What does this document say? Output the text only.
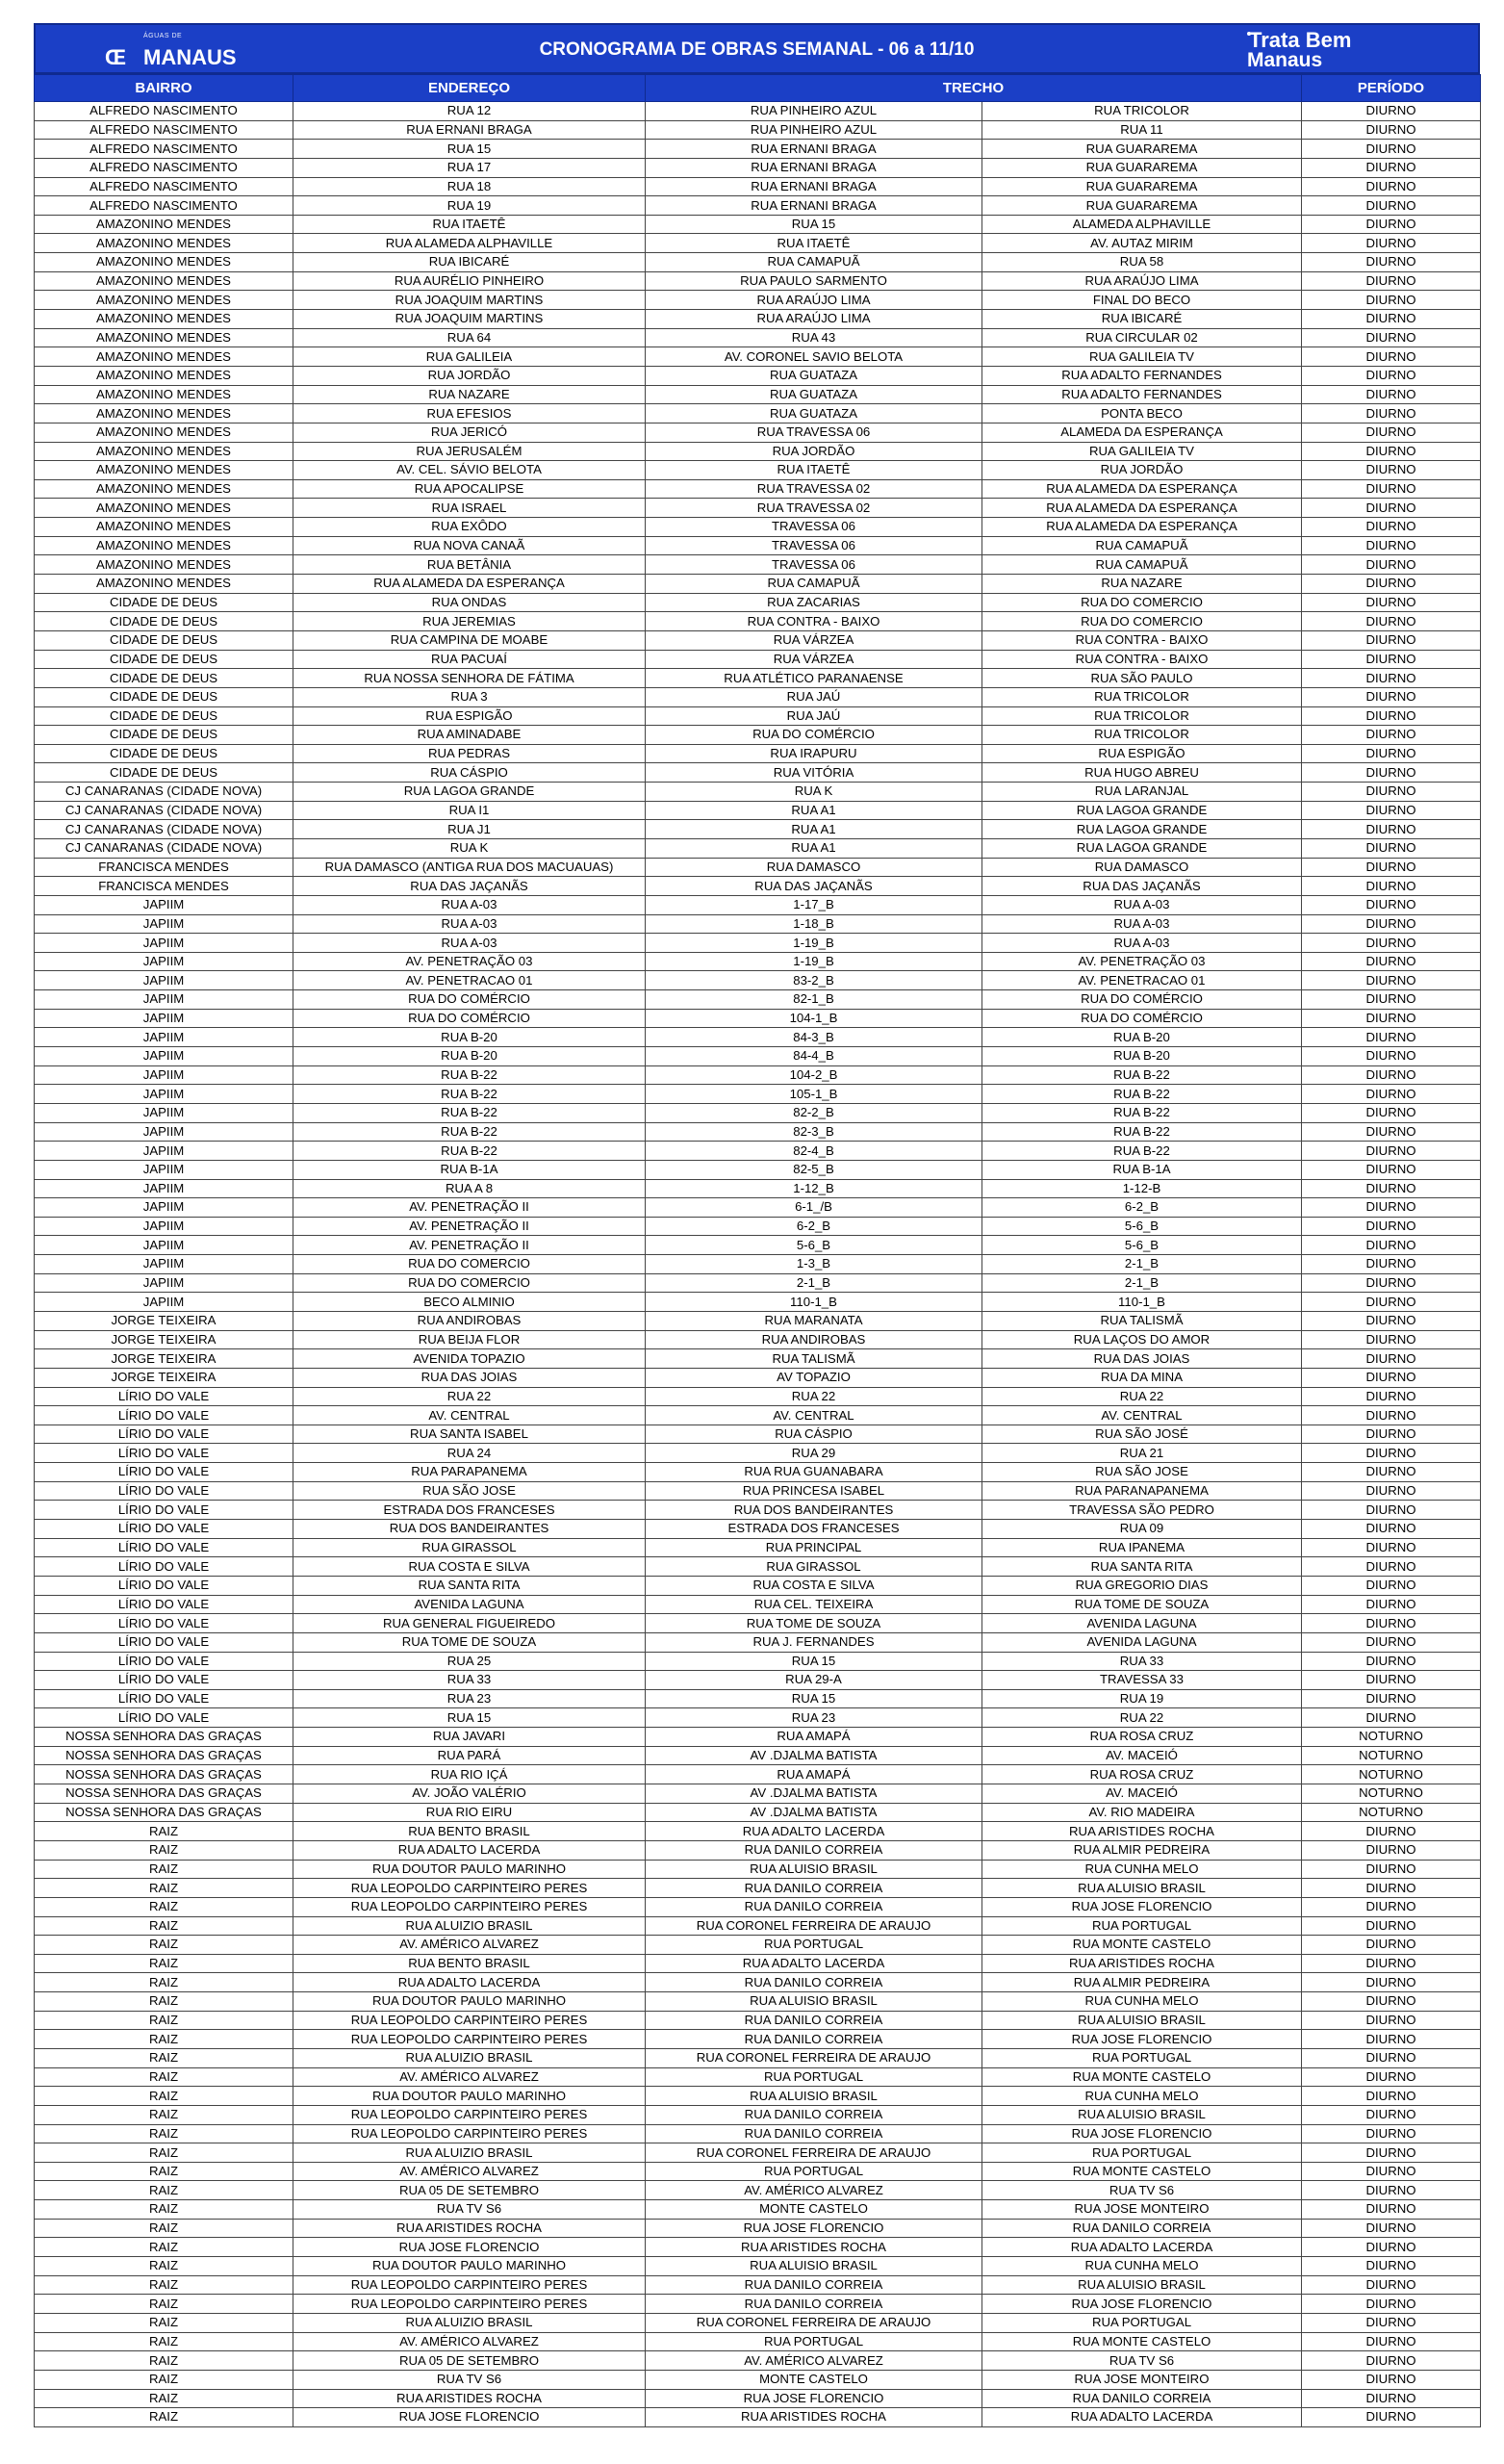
ÁGUAS DE
Œ MANAUS	CRONOGRAMA DE OBRAS SEMANAL - 06 a 11/10	Trata Bem
Manaus
BAIRRO	ENDEREÇO	TRECHO		PERÍODO
ALFREDO NASCIMENTO	RUA 12	RUA PINHEIRO AZUL	RUA TRICOLOR	DIURNO
ALFREDO NASCIMENTO	RUA ERNANI BRAGA	RUA PINHEIRO AZUL	RUA 11	DIURNO
ALFREDO NASCIMENTO	RUA 15	RUA ERNANI BRAGA	RUA GUARAREMA	DIURNO
ALFREDO NASCIMENTO	RUA 17	RUA ERNANI BRAGA	RUA GUARAREMA	DIURNO
ALFREDO NASCIMENTO	RUA 18	RUA ERNANI BRAGA	RUA GUARAREMA	DIURNO
ALFREDO NASCIMENTO	RUA 19	RUA ERNANI BRAGA	RUA GUARAREMA	DIURNO
AMAZONINO MENDES	RUA ITAETÊ	RUA 15	ALAMEDA ALPHAVILLE	DIURNO
AMAZONINO MENDES	RUA ALAMEDA ALPHAVILLE	RUA ITAETÊ	AV. AUTAZ MIRIM	DIURNO
AMAZONINO MENDES	RUA IBICARÉ	RUA CAMAPUÃ	RUA 58	DIURNO
AMAZONINO MENDES	RUA AURÉLIO PINHEIRO	RUA PAULO SARMENTO	RUA ARAÚJO LIMA	DIURNO
AMAZONINO MENDES	RUA JOAQUIM MARTINS	RUA ARAÚJO LIMA	FINAL DO BECO	DIURNO
AMAZONINO MENDES	RUA JOAQUIM MARTINS	RUA ARAÚJO LIMA	RUA IBICARÉ	DIURNO
AMAZONINO MENDES	RUA 64	RUA 43	RUA CIRCULAR 02	DIURNO
AMAZONINO MENDES	RUA GALILEIA	AV. CORONEL SAVIO BELOTA	RUA GALILEIA TV	DIURNO
AMAZONINO MENDES	RUA JORDÃO	RUA GUATAZA	RUA ADALTO FERNANDES	DIURNO
AMAZONINO MENDES	RUA NAZARE	RUA GUATAZA	RUA ADALTO FERNANDES	DIURNO
AMAZONINO MENDES	RUA EFESIOS	RUA GUATAZA	PONTA BECO	DIURNO
AMAZONINO MENDES	RUA JERICÓ	RUA TRAVESSA 06	ALAMEDA DA ESPERANÇA	DIURNO
AMAZONINO MENDES	RUA JERUSALÉM	RUA JORDÃO	RUA GALILEIA TV	DIURNO
AMAZONINO MENDES	AV. CEL. SÁVIO BELOTA	RUA ITAETÊ	RUA JORDÃO	DIURNO
AMAZONINO MENDES	RUA APOCALIPSE	RUA TRAVESSA 02	RUA ALAMEDA DA ESPERANÇA	DIURNO
AMAZONINO MENDES	RUA ISRAEL	RUA TRAVESSA 02	RUA ALAMEDA DA ESPERANÇA	DIURNO
AMAZONINO MENDES	RUA EXÔDO	TRAVESSA 06	RUA ALAMEDA DA ESPERANÇA	DIURNO
AMAZONINO MENDES	RUA NOVA CANAÃ	TRAVESSA 06	RUA CAMAPUÃ	DIURNO
AMAZONINO MENDES	RUA BETÂNIA	TRAVESSA 06	RUA CAMAPUÃ	DIURNO
AMAZONINO MENDES	RUA ALAMEDA DA ESPERANÇA	RUA CAMAPUÃ	RUA NAZARE	DIURNO
CIDADE DE DEUS	RUA ONDAS	RUA ZACARIAS	RUA DO COMERCIO	DIURNO
CIDADE DE DEUS	RUA JEREMIAS	RUA CONTRA - BAIXO	RUA DO COMERCIO	DIURNO
CIDADE DE DEUS	RUA CAMPINA DE MOABE	RUA VÁRZEA	RUA CONTRA - BAIXO	DIURNO
CIDADE DE DEUS	RUA PACUAÍ	RUA VÁRZEA	RUA CONTRA - BAIXO	DIURNO
CIDADE DE DEUS	RUA NOSSA SENHORA DE FÁTIMA	RUA ATLÉTICO PARANAENSE	RUA SÃO PAULO	DIURNO
CIDADE DE DEUS	RUA 3	RUA JAÚ	RUA TRICOLOR	DIURNO
CIDADE DE DEUS	RUA ESPIGÃO	RUA JAÚ	RUA TRICOLOR	DIURNO
CIDADE DE DEUS	RUA AMINADABE	RUA DO COMÉRCIO	RUA TRICOLOR	DIURNO
CIDADE DE DEUS	RUA PEDRAS	RUA IRAPURU	RUA ESPIGÃO	DIURNO
CIDADE DE DEUS	RUA CÁSPIO	RUA VITÓRIA	RUA HUGO ABREU	DIURNO
CJ CANARANAS (CIDADE NOVA)	RUA LAGOA GRANDE	RUA K	RUA LARANJAL	DIURNO
CJ CANARANAS (CIDADE NOVA)	RUA I1	RUA A1	RUA LAGOA GRANDE	DIURNO
CJ CANARANAS (CIDADE NOVA)	RUA J1	RUA A1	RUA LAGOA GRANDE	DIURNO
CJ CANARANAS (CIDADE NOVA)	RUA K	RUA A1	RUA LAGOA GRANDE	DIURNO
FRANCISCA MENDES	RUA DAMASCO (ANTIGA RUA DOS MACUAUAS)	RUA DAMASCO	RUA DAMASCO	DIURNO
FRANCISCA MENDES	RUA DAS JAÇANÃS	RUA DAS JAÇANÃS	RUA DAS JAÇANÃS	DIURNO
JAPIIM	RUA A-03	1-17_B	RUA A-03	DIURNO
JAPIIM	RUA A-03	1-18_B	RUA A-03	DIURNO
JAPIIM	RUA A-03	1-19_B	RUA A-03	DIURNO
JAPIIM	AV. PENETRAÇÃO 03	1-19_B	AV. PENETRAÇÃO 03	DIURNO
JAPIIM	AV. PENETRACAO 01	83-2_B	AV. PENETRACAO 01	DIURNO
JAPIIM	RUA DO COMÉRCIO	82-1_B	RUA DO COMÉRCIO	DIURNO
JAPIIM	RUA DO COMÉRCIO	104-1_B	RUA DO COMÉRCIO	DIURNO
JAPIIM	RUA B-20	84-3_B	RUA B-20	DIURNO
JAPIIM	RUA B-20	84-4_B	RUA B-20	DIURNO
JAPIIM	RUA B-22	104-2_B	RUA B-22	DIURNO
JAPIIM	RUA B-22	105-1_B	RUA B-22	DIURNO
JAPIIM	RUA B-22	82-2_B	RUA B-22	DIURNO
JAPIIM	RUA B-22	82-3_B	RUA B-22	DIURNO
JAPIIM	RUA B-22	82-4_B	RUA B-22	DIURNO
JAPIIM	RUA B-1A	82-5_B	RUA B-1A	DIURNO
JAPIIM	RUA A 8	1-12_B	1-12-B	DIURNO
JAPIIM	AV. PENETRAÇÃO II	6-1_/B	6-2_B	DIURNO
JAPIIM	AV. PENETRAÇÃO II	6-2_B	5-6_B	DIURNO
JAPIIM	AV. PENETRAÇÃO II	5-6_B	5-6_B	DIURNO
JAPIIM	RUA DO COMERCIO	1-3_B	2-1_B	DIURNO
JAPIIM	RUA DO COMERCIO	2-1_B	2-1_B	DIURNO
JAPIIM	BECO ALMINIO	110-1_B	110-1_B	DIURNO
JORGE TEIXEIRA	RUA ANDIROBAS	RUA MARANATA	RUA TALISMÃ	DIURNO
JORGE TEIXEIRA	RUA BEIJA FLOR	RUA ANDIROBAS	RUA LAÇOS DO AMOR	DIURNO
JORGE TEIXEIRA	AVENIDA TOPAZIO	RUA TALISMÃ	RUA DAS JOIAS	DIURNO
JORGE TEIXEIRA	RUA DAS JOIAS	AV TOPAZIO	RUA DA MINA	DIURNO
LÍRIO DO VALE	RUA 22	RUA 22	RUA 22	DIURNO
LÍRIO DO VALE	AV. CENTRAL	AV. CENTRAL	AV. CENTRAL	DIURNO
LÍRIO DO VALE	RUA SANTA ISABEL	RUA CÁSPIO	RUA SÃO JOSÉ	DIURNO
LÍRIO DO VALE	RUA 24	RUA 29	RUA 21	DIURNO
LÍRIO DO VALE	RUA PARAPANEMA	RUA RUA GUANABARA	RUA SÃO JOSE	DIURNO
LÍRIO DO VALE	RUA SÃO JOSE	RUA PRINCESA ISABEL	RUA PARANAPANEMA	DIURNO
LÍRIO DO VALE	ESTRADA DOS FRANCESES	RUA DOS BANDEIRANTES	TRAVESSA SÃO PEDRO	DIURNO
LÍRIO DO VALE	RUA DOS BANDEIRANTES	ESTRADA DOS FRANCESES	RUA 09	DIURNO
LÍRIO DO VALE	RUA GIRASSOL	RUA PRINCIPAL	RUA IPANEMA	DIURNO
LÍRIO DO VALE	RUA COSTA E SILVA	RUA GIRASSOL	RUA SANTA RITA	DIURNO
LÍRIO DO VALE	RUA SANTA RITA	RUA COSTA E SILVA	RUA GREGORIO DIAS	DIURNO
LÍRIO DO VALE	AVENIDA LAGUNA	RUA CEL. TEIXEIRA	RUA TOME DE SOUZA	DIURNO
LÍRIO DO VALE	RUA GENERAL FIGUEIREDO	RUA TOME DE SOUZA	AVENIDA LAGUNA	DIURNO
LÍRIO DO VALE	RUA TOME DE SOUZA	RUA J. FERNANDES	AVENIDA LAGUNA	DIURNO
LÍRIO DO VALE	RUA 25	RUA 15	RUA 33	DIURNO
LÍRIO DO VALE	RUA 33	RUA 29-A	TRAVESSA 33	DIURNO
LÍRIO DO VALE	RUA 23	RUA 15	RUA 19	DIURNO
LÍRIO DO VALE	RUA 15	RUA 23	RUA 22	DIURNO
NOSSA SENHORA DAS GRAÇAS	RUA JAVARI	RUA AMAPÁ	RUA ROSA CRUZ	NOTURNO
NOSSA SENHORA DAS GRAÇAS	RUA PARÁ	AV .DJALMA BATISTA	AV. MACEIÓ	NOTURNO
NOSSA SENHORA DAS GRAÇAS	RUA RIO IÇÁ	RUA AMAPÁ	RUA ROSA CRUZ	NOTURNO
NOSSA SENHORA DAS GRAÇAS	AV. JOÃO VALÉRIO	AV .DJALMA BATISTA	AV. MACEIÓ	NOTURNO
NOSSA SENHORA DAS GRAÇAS	RUA RIO EIRU	AV .DJALMA BATISTA	AV. RIO MADEIRA	NOTURNO
RAIZ	RUA BENTO BRASIL	RUA ADALTO LACERDA	RUA ARISTIDES ROCHA	DIURNO
RAIZ	RUA ADALTO LACERDA	RUA DANILO CORREIA	RUA ALMIR PEDREIRA	DIURNO
RAIZ	RUA DOUTOR PAULO MARINHO	RUA ALUISIO BRASIL	RUA CUNHA MELO	DIURNO
RAIZ	RUA LEOPOLDO CARPINTEIRO PERES	RUA DANILO CORREIA	RUA ALUISIO BRASIL	DIURNO
RAIZ	RUA LEOPOLDO CARPINTEIRO PERES	RUA DANILO CORREIA	RUA JOSE FLORENCIO	DIURNO
RAIZ	RUA ALUIZIO BRASIL	RUA CORONEL FERREIRA DE ARAUJO	RUA PORTUGAL	DIURNO
RAIZ	AV. AMÉRICO ALVAREZ	RUA PORTUGAL	RUA MONTE CASTELO	DIURNO
RAIZ	RUA BENTO BRASIL	RUA ADALTO LACERDA	RUA ARISTIDES ROCHA	DIURNO
RAIZ	RUA ADALTO LACERDA	RUA DANILO CORREIA	RUA ALMIR PEDREIRA	DIURNO
RAIZ	RUA DOUTOR PAULO MARINHO	RUA ALUISIO BRASIL	RUA CUNHA MELO	DIURNO
RAIZ	RUA LEOPOLDO CARPINTEIRO PERES	RUA DANILO CORREIA	RUA ALUISIO BRASIL	DIURNO
RAIZ	RUA LEOPOLDO CARPINTEIRO PERES	RUA DANILO CORREIA	RUA JOSE FLORENCIO	DIURNO
RAIZ	RUA ALUIZIO BRASIL	RUA CORONEL FERREIRA DE ARAUJO	RUA PORTUGAL	DIURNO
RAIZ	AV. AMÉRICO ALVAREZ	RUA PORTUGAL	RUA MONTE CASTELO	DIURNO
RAIZ	RUA DOUTOR PAULO MARINHO	RUA ALUISIO BRASIL	RUA CUNHA MELO	DIURNO
RAIZ	RUA LEOPOLDO CARPINTEIRO PERES	RUA DANILO CORREIA	RUA ALUISIO BRASIL	DIURNO
RAIZ	RUA LEOPOLDO CARPINTEIRO PERES	RUA DANILO CORREIA	RUA JOSE FLORENCIO	DIURNO
RAIZ	RUA ALUIZIO BRASIL	RUA CORONEL FERREIRA DE ARAUJO	RUA PORTUGAL	DIURNO
RAIZ	AV. AMÉRICO ALVAREZ	RUA PORTUGAL	RUA MONTE CASTELO	DIURNO
RAIZ	RUA 05 DE SETEMBRO	AV. AMÉRICO ALVAREZ	RUA TV S6	DIURNO
RAIZ	RUA TV S6	MONTE CASTELO	RUA JOSE MONTEIRO	DIURNO
RAIZ	RUA ARISTIDES ROCHA	RUA JOSE FLORENCIO	RUA DANILO CORREIA	DIURNO
RAIZ	RUA JOSE FLORENCIO	RUA ARISTIDES ROCHA	RUA ADALTO LACERDA	DIURNO
RAIZ	RUA DOUTOR PAULO MARINHO	RUA ALUISIO BRASIL	RUA CUNHA MELO	DIURNO
RAIZ	RUA LEOPOLDO CARPINTEIRO PERES	RUA DANILO CORREIA	RUA ALUISIO BRASIL	DIURNO
RAIZ	RUA LEOPOLDO CARPINTEIRO PERES	RUA DANILO CORREIA	RUA JOSE FLORENCIO	DIURNO
RAIZ	RUA ALUIZIO BRASIL	RUA CORONEL FERREIRA DE ARAUJO	RUA PORTUGAL	DIURNO
RAIZ	AV. AMÉRICO ALVAREZ	RUA PORTUGAL	RUA MONTE CASTELO	DIURNO
RAIZ	RUA 05 DE SETEMBRO	AV. AMÉRICO ALVAREZ	RUA TV S6	DIURNO
RAIZ	RUA TV S6	MONTE CASTELO	RUA JOSE MONTEIRO	DIURNO
RAIZ	RUA ARISTIDES ROCHA	RUA JOSE FLORENCIO	RUA DANILO CORREIA	DIURNO
RAIZ	RUA JOSE FLORENCIO	RUA ARISTIDES ROCHA	RUA ADALTO LACERDA	DIURNO
